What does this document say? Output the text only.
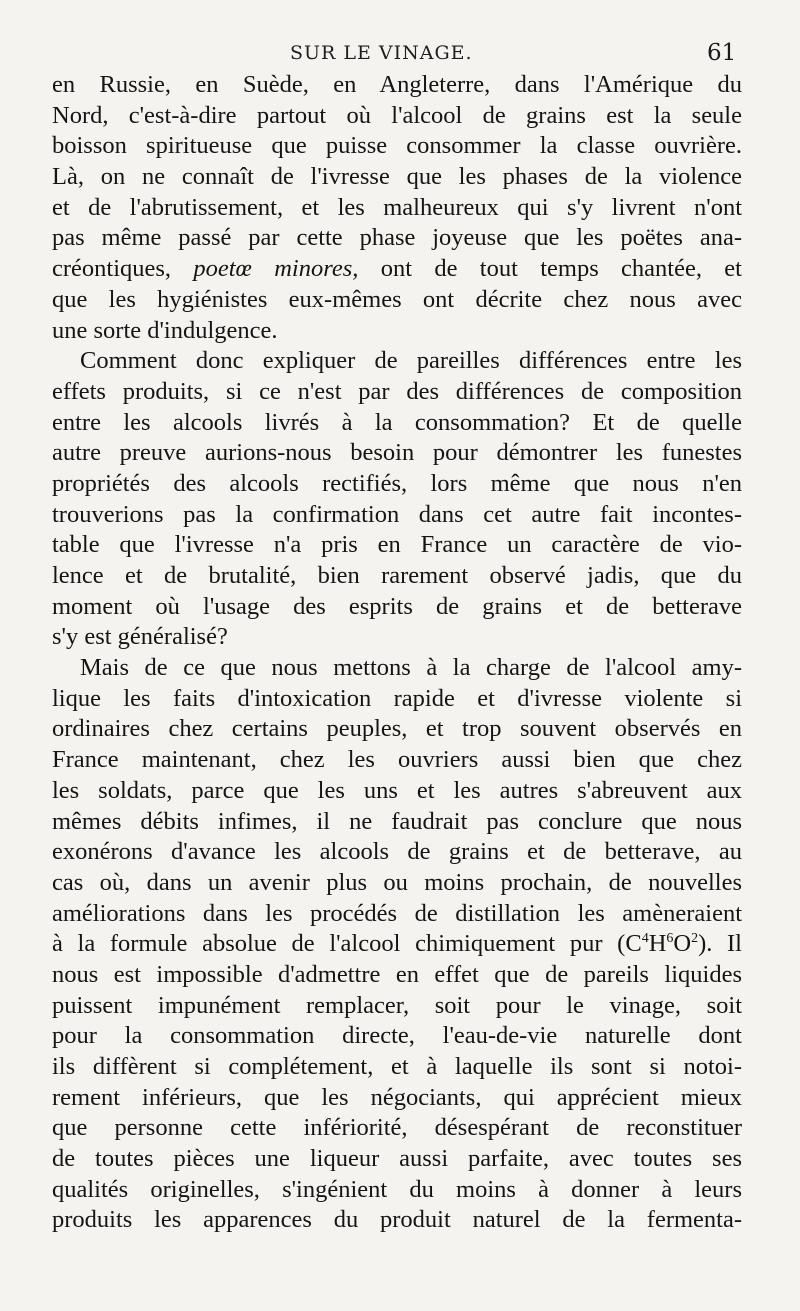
SUR LE VINAGE.	61
en Russie, en Suède, en Angleterre, dans l'Amérique du
Nord, c'est-à-dire partout où l'alcool de grains est la seule
boisson spiritueuse que puisse consommer la classe ouvrière.
Là, on ne connaît de l'ivresse que les phases de la violence
et de l'abrutissement, et les malheureux qui s'y livrent n'ont
pas même passé par cette phase joyeuse que les poëtes ana-
créontiques, poetœ minores, ont de tout temps chantée, et
que les hygiénistes eux-mêmes ont décrite chez nous avec
une sorte d'indulgence.
Comment donc expliquer de pareilles différences entre les
effets produits, si ce n'est par des différences de composition
entre les alcools livrés à la consommation? Et de quelle
autre preuve aurions-nous besoin pour démontrer les funestes
propriétés des alcools rectifiés, lors même que nous n'en
trouverions pas la confirmation dans cet autre fait incontes-
table que l'ivresse n'a pris en France un caractère de vio-
lence et de brutalité, bien rarement observé jadis, que du
moment où l'usage des esprits de grains et de betterave
s'y est généralisé?
Mais de ce que nous mettons à la charge de l'alcool amy-
lique les faits d'intoxication rapide et d'ivresse violente si
ordinaires chez certains peuples, et trop souvent observés en
France maintenant, chez les ouvriers aussi bien que chez
les soldats, parce que les uns et les autres s'abreuvent aux
mêmes débits infimes, il ne faudrait pas conclure que nous
exonérons d'avance les alcools de grains et de betterave, au
cas où, dans un avenir plus ou moins prochain, de nouvelles
améliorations dans les procédés de distillation les amèneraient
à la formule absolue de l'alcool chimiquement pur $(C^4H^6O^2)$. Il
nous est impossible d'admettre en effet que de pareils liquides
puissent impunément remplacer, soit pour le vinage, soit
pour la consommation directe, l'eau-de-vie naturelle dont
ils diffèrent si complétement, et à laquelle ils sont si notoi-
rement inférieurs, que les négociants, qui apprécient mieux
que personne cette infériorité, désespérant de reconstituer
de toutes pièces une liqueur aussi parfaite, avec toutes ses
qualités originelles, s'ingénient du moins à donner à leurs
produits les apparences du produit naturel de la fermenta-
